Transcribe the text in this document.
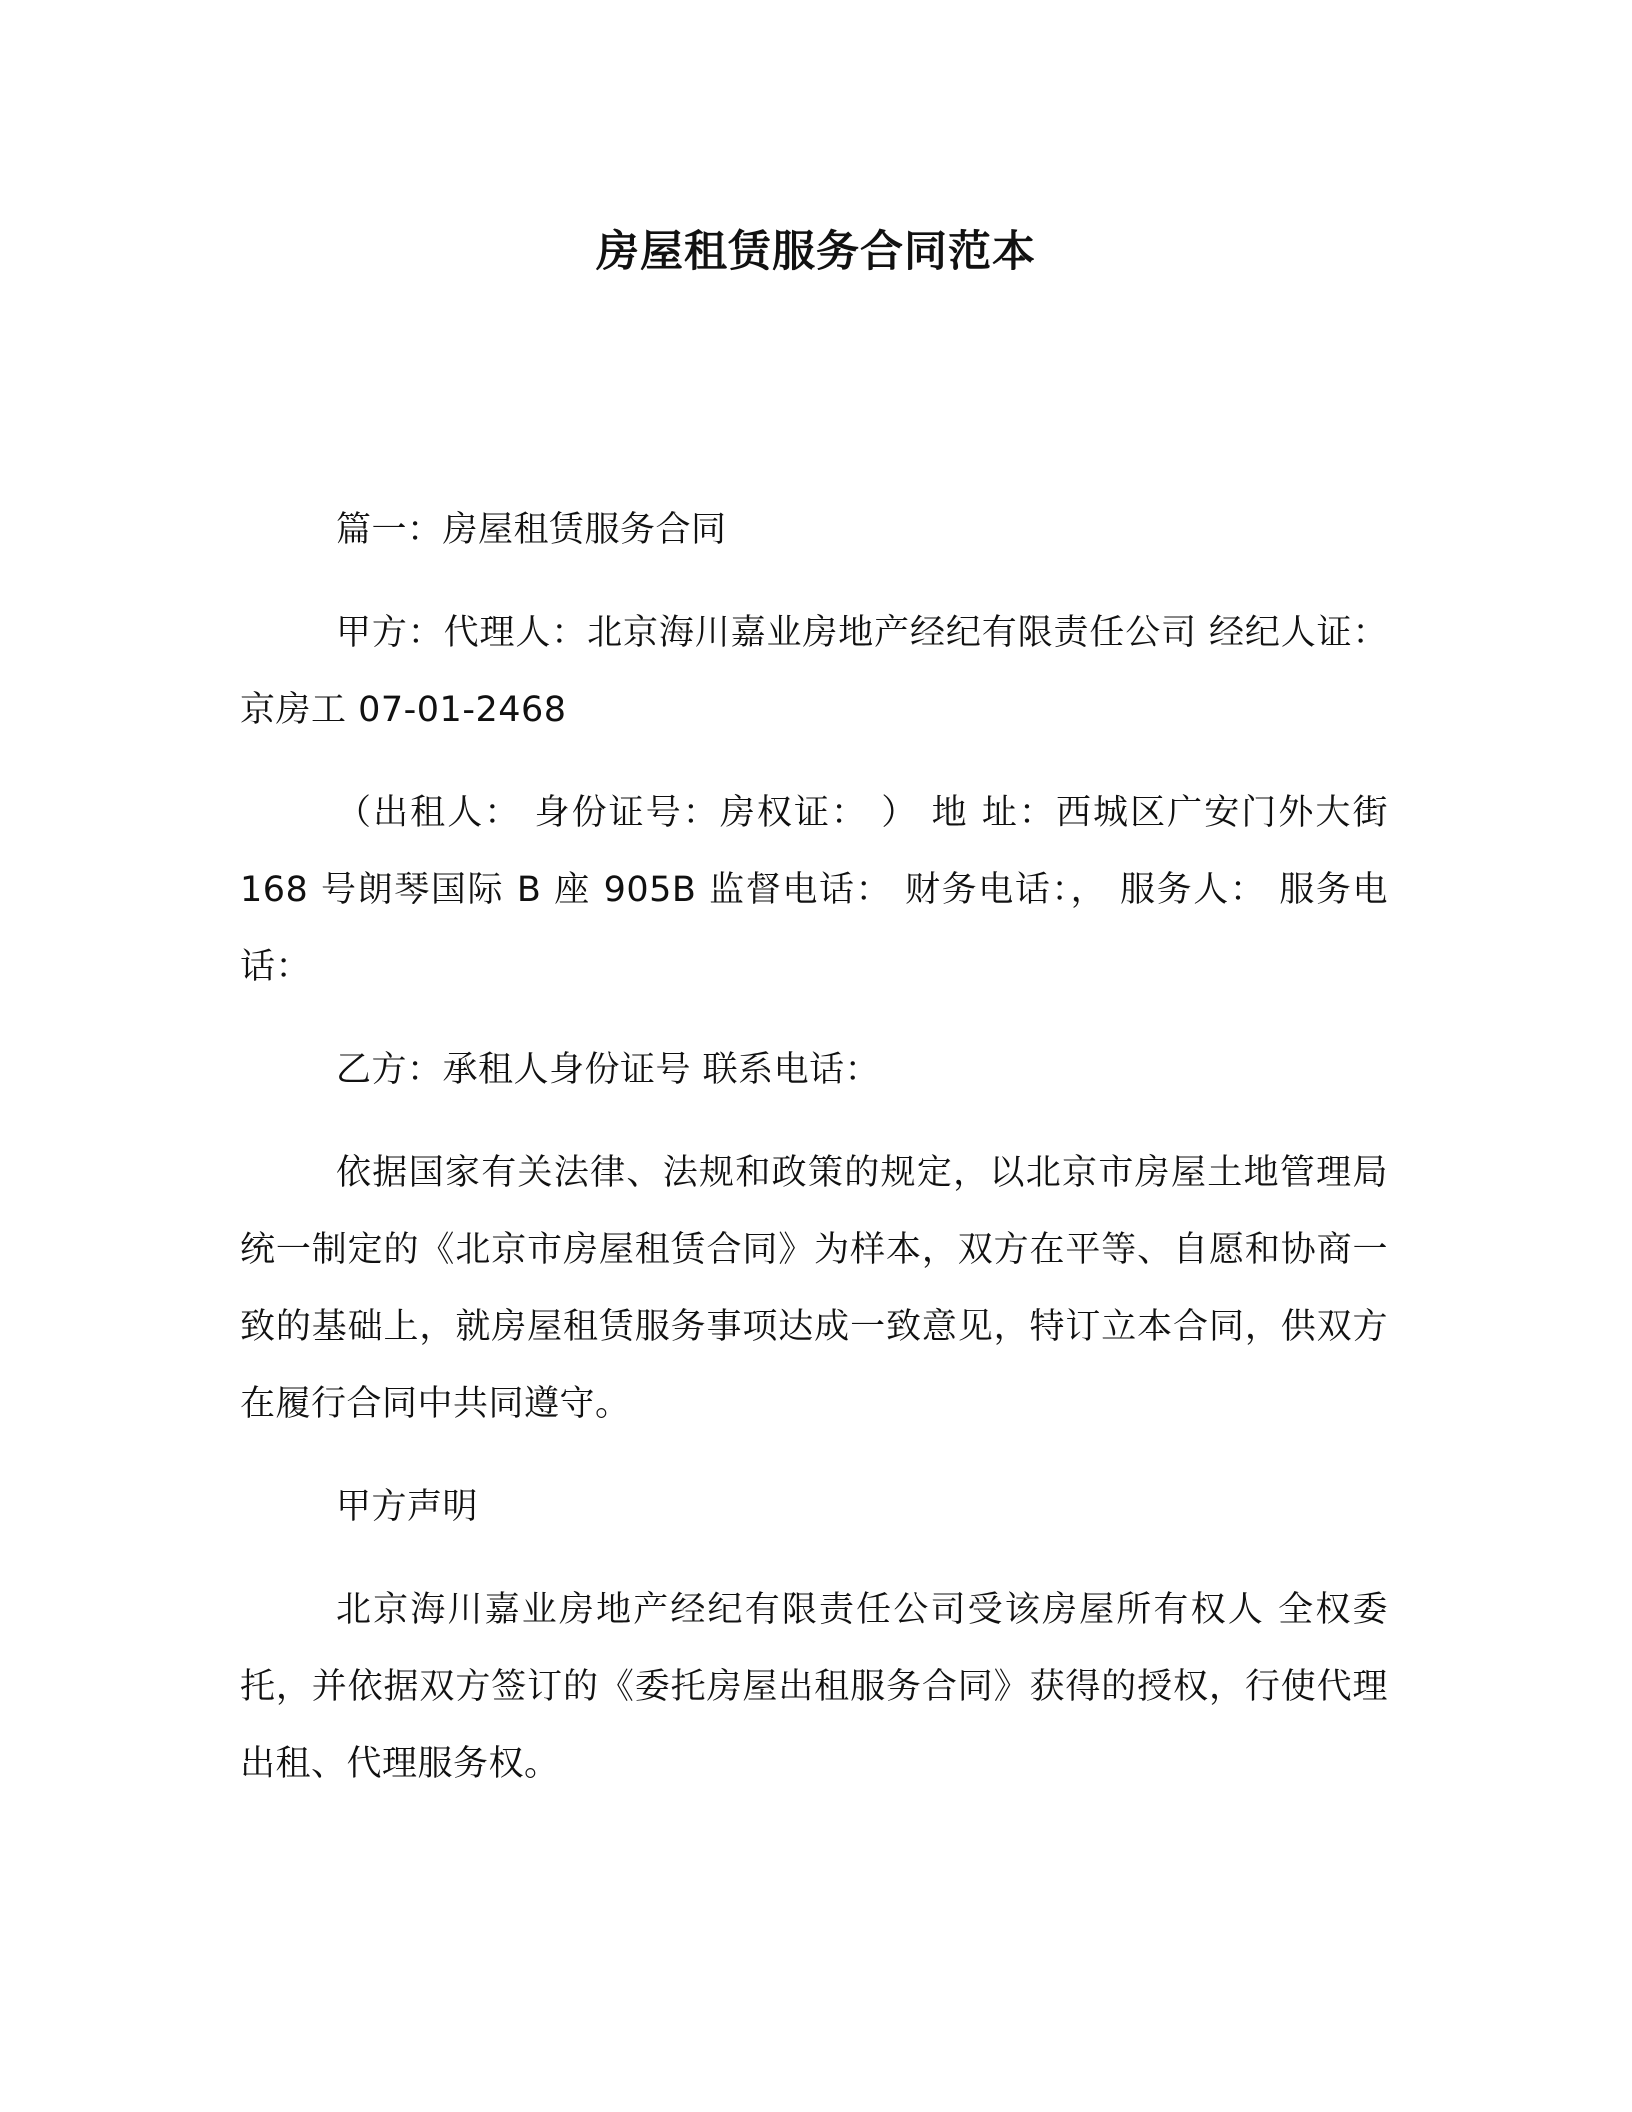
房屋租赁服务合同范本

篇一：房屋租赁服务合同

甲方：代理人：北京海川嘉业房地产经纪有限责任公司 经纪人证：京房工 07-01-2468

（出租人： 身份证号：房权证： ） 地 址：西城区广安门外大街 168 号朗琴国际 B 座 905B 监督电话： 财务电话：， 服务人： 服务电话：

乙方：承租人身份证号 联系电话：

依据国家有关法律、法规和政策的规定，以北京市房屋土地管理局统一制定的《北京市房屋租赁合同》为样本，双方在平等、自愿和协商一致的基础上，就房屋租赁服务事项达成一致意见，特订立本合同，供双方在履行合同中共同遵守。

甲方声明

北京海川嘉业房地产经纪有限责任公司受该房屋所有权人 全权委托，并依据双方签订的《委托房屋出租服务合同》获得的授权，行使代理出租、代理服务权。
